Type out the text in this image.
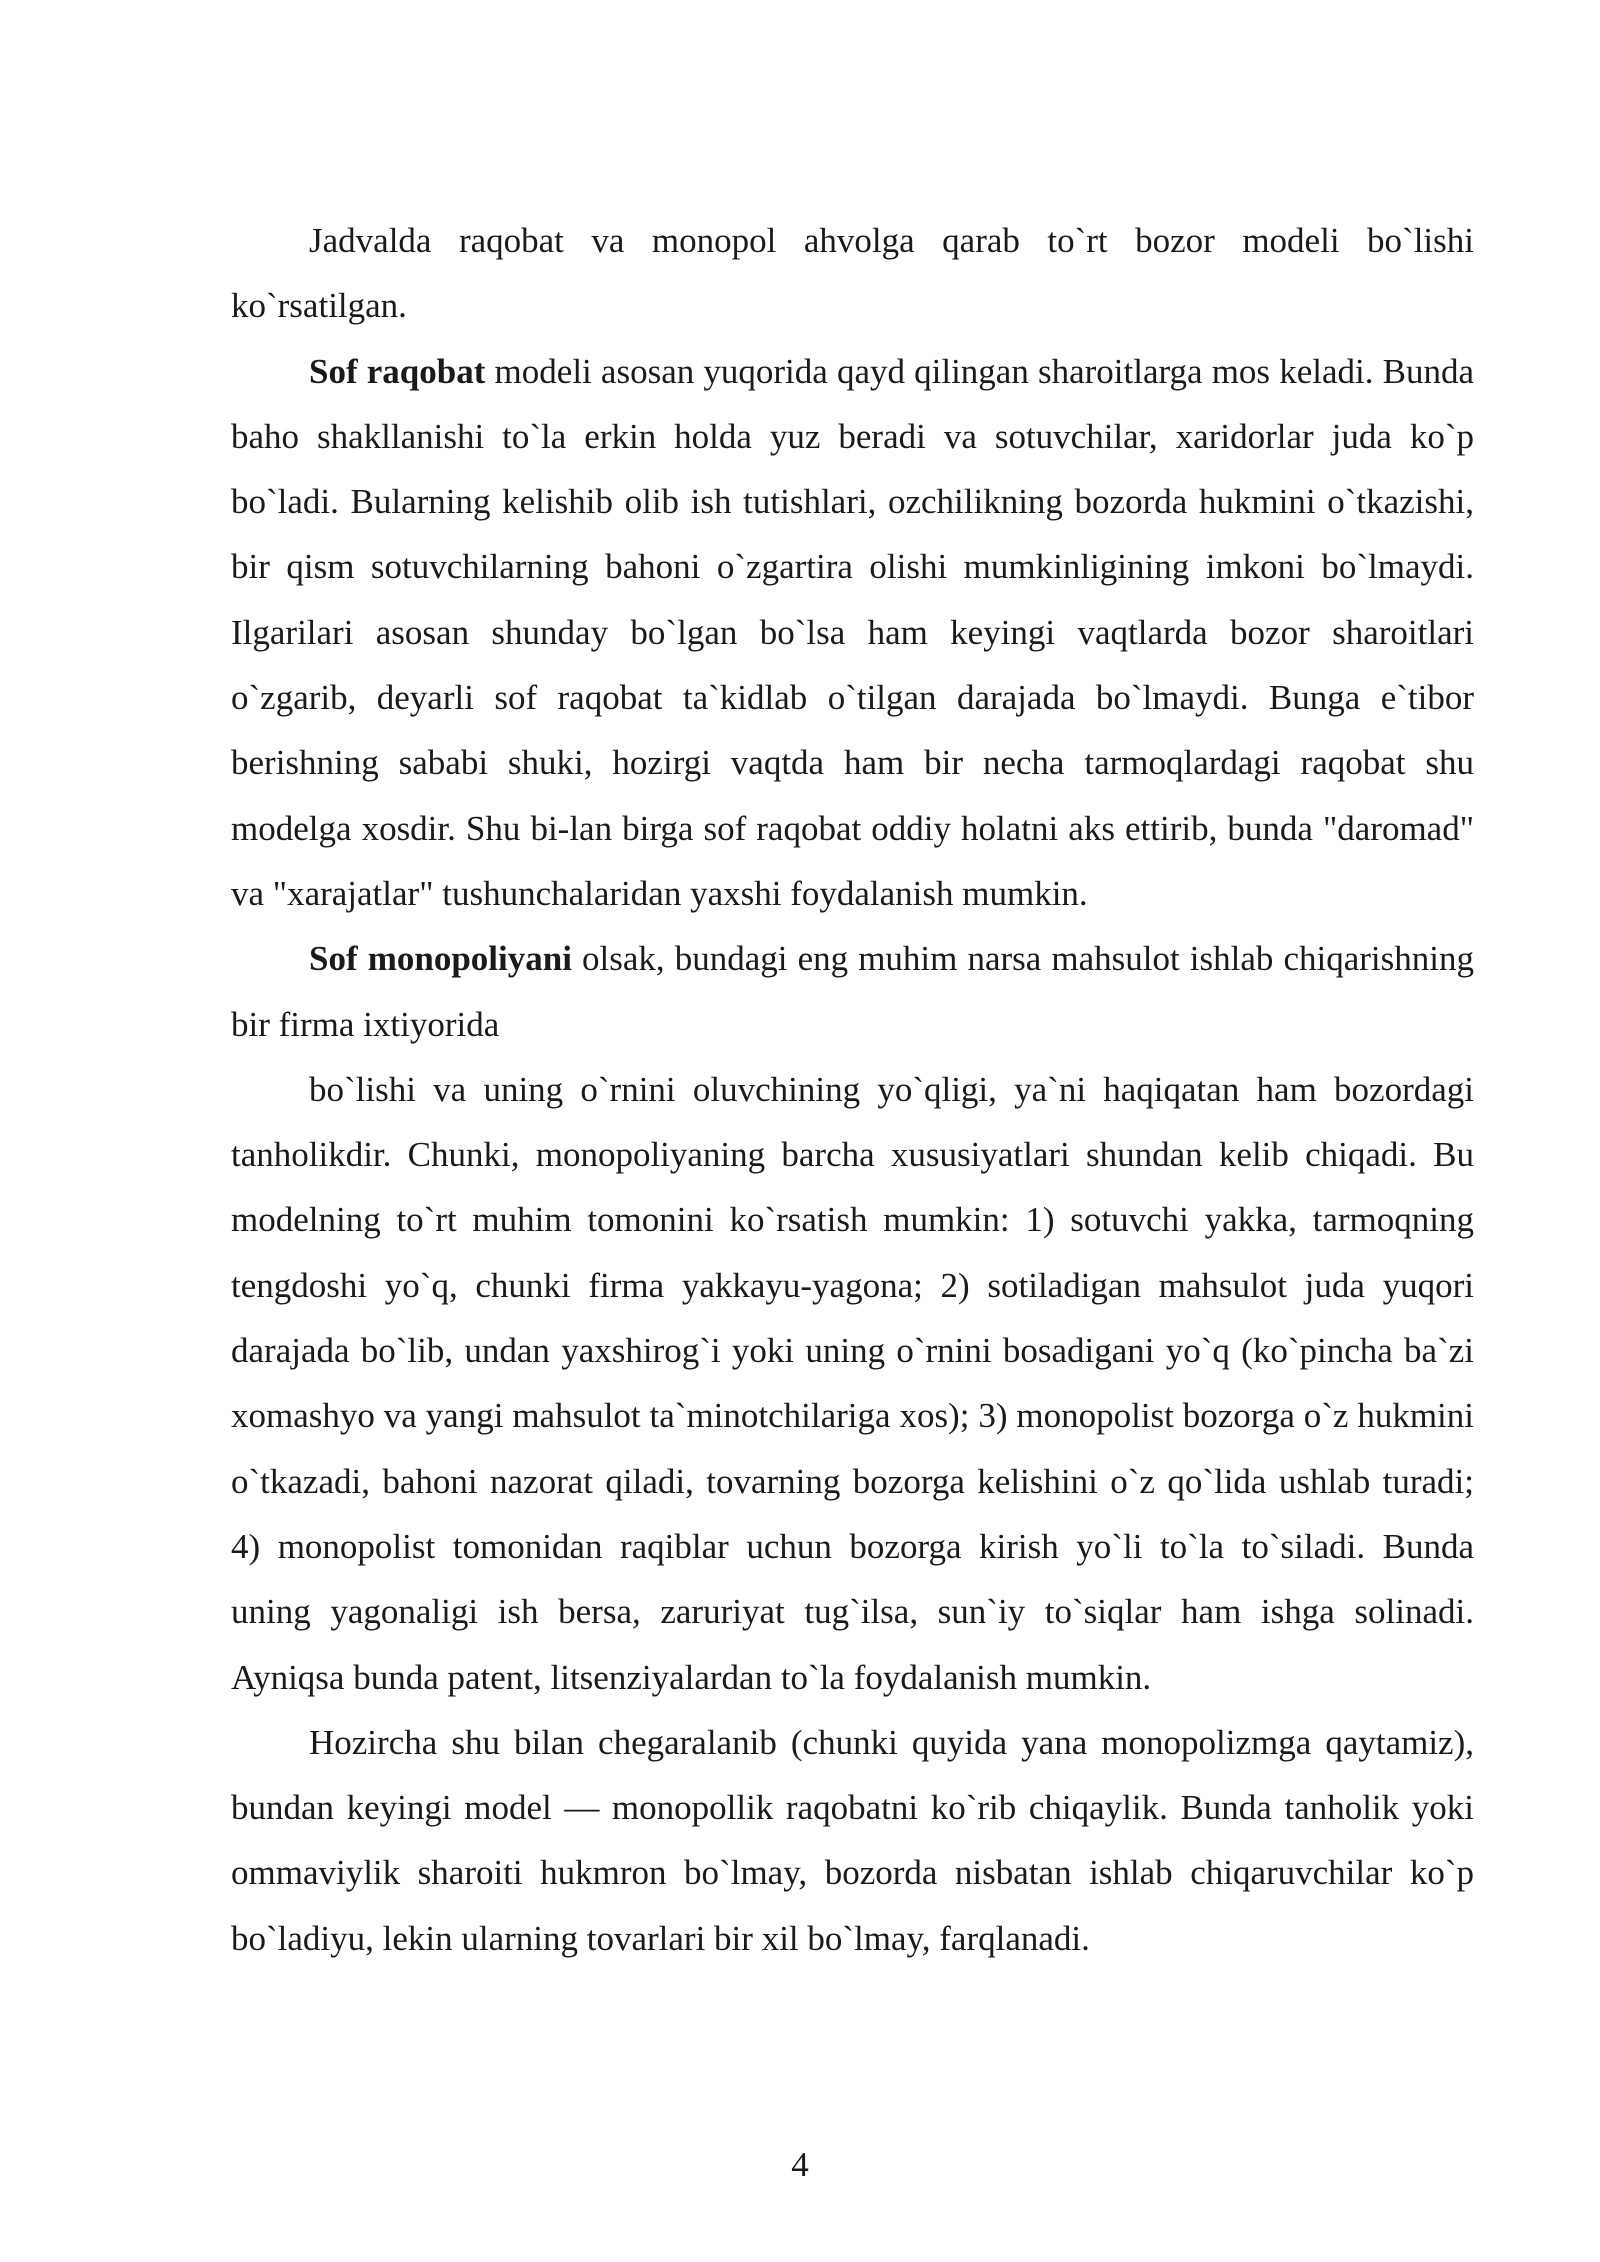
Jadvalda raqobat va monopol ahvolga qarab to`rt bozor modeli bo`lishi ko`rsatilgan.

Sof raqobat modeli asosan yuqorida qayd qilingan sharoitlarga mos keladi. Bunda baho shakllanishi to`la erkin holda yuz beradi va sotuvchilar, xaridorlar juda ko`p bo`ladi. Bularning kelishib olib ish tutishlari, ozchilikning bozorda hukmini o`tkazishi, bir qism sotuvchilarning bahoni o`zgartira olishi mumkinligining imkoni bo`lmaydi. Ilgarilari asosan shunday bo`lgan bo`lsa ham keyingi vaqtlarda bozor sharoitlari o`zgarib, deyarli sof raqobat ta`kidlab o`tilgan darajada bo`lmaydi. Bunga e`tibor berishning sababi shuki, hozirgi vaqtda ham bir necha tarmoqlardagi raqobat shu modelga xosdir. Shu bi-lan birga sof raqobat oddiy holatni aks ettirib, bunda "daromad" va "xarajatlar" tushunchalaridan yaxshi foydalanish mumkin.

Sof monopoliyani olsak, bundagi eng muhim narsa mahsulot ishlab chiqarishning bir firma ixtiyorida

bo`lishi va uning o`rnini oluvchining yo`qligi, ya`ni haqiqatan ham bozordagi tanholikdir. Chunki, monopoliyaning barcha xususiyatlari shundan kelib chiqadi. Bu modelning to`rt muhim tomonini ko`rsatish mumkin: 1) sotuvchi yakka, tarmoqning tengdoshi yo`q, chunki firma yakkayu-yagona; 2) sotiladigan mahsulot juda yuqori darajada bo`lib, undan yaxshirog`i yoki uning o`rnini bosadigani yo`q (ko`pincha ba`zi xomashyo va yangi mahsulot ta`minotchilariga xos); 3) monopolist bozorga o`z hukmini o`tkazadi, bahoni nazorat qiladi, tovarning bozorga kelishini o`z qo`lida ushlab turadi; 4) monopolist tomonidan raqiblar uchun bozorga kirish yo`li to`la to`siladi. Bunda uning yagonaligi ish bersa, zaruriyat tug`ilsa, sun`iy to`siqlar ham ishga solinadi. Ayniqsa bunda patent, litsenziyalardan to`la foydalanish mumkin.

Hozircha shu bilan chegaralanib (chunki quyida yana monopolizmga qaytamiz), bundan keyingi model — monopollik raqobatni ko`rib chiqaylik. Bunda tanholik yoki ommaviylik sharoiti hukmron bo`lmay, bozorda nisbatan ishlab chiqaruvchilar ko`p bo`ladiyu, lekin ularning tovarlari bir xil bo`lmay, farqlanadi.

4
